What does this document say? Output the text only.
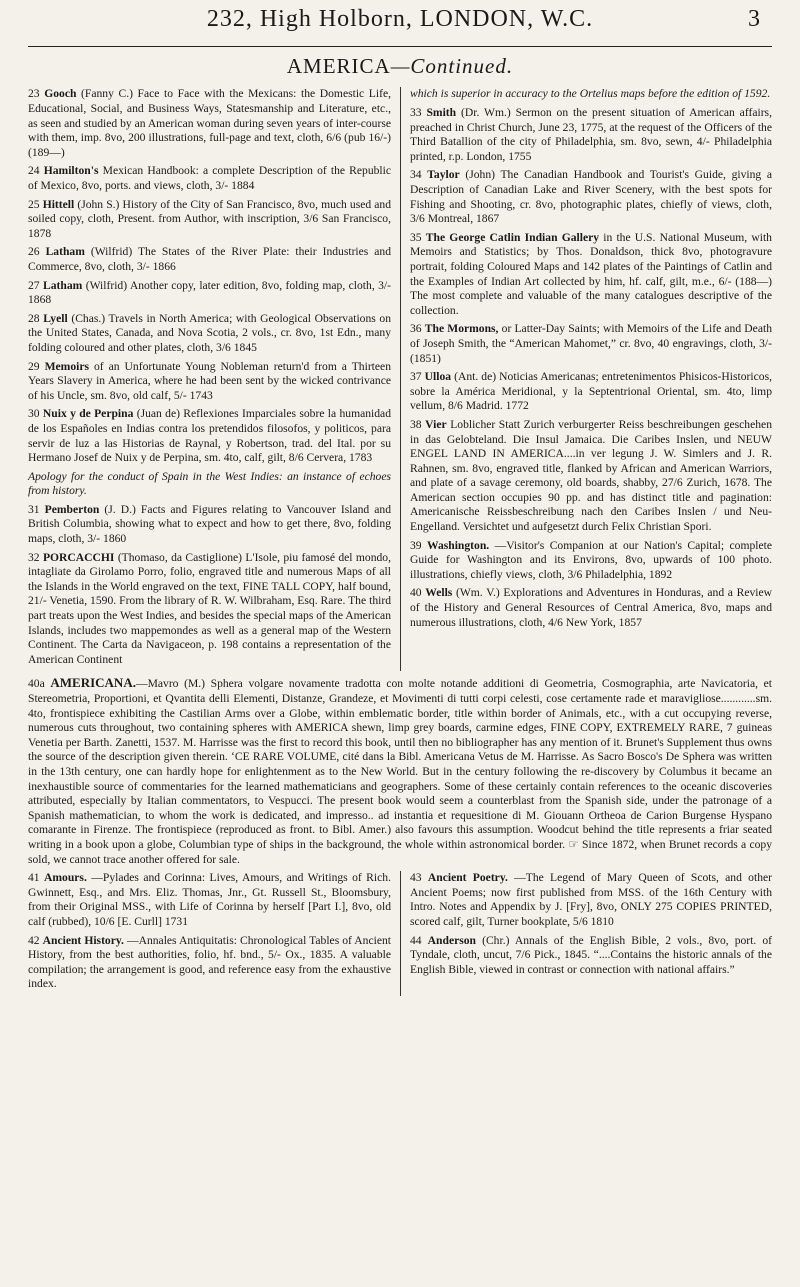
232, High Holborn, LONDON, W.C.	3
AMERICA—Continued.
23 Gooch (Fanny C.) Face to Face with the Mexicans: the Domestic Life, Educational, Social, and Business Ways, Statesmanship and Literature, etc., as seen and studied by an American woman during seven years of inter-course with them, imp. 8vo, 200 illustrations, full-page and text, cloth, 6/6 (pub 16/-) (189—)
24 Hamilton's Mexican Handbook: a complete Description of the Republic of Mexico, 8vo, ports. and views, cloth, 3/- 1884
25 Hittell (John S.) History of the City of San Francisco, 8vo, much used and soiled copy, cloth, Present. from Author, with inscription, 3/6 San Francisco, 1878
26 Latham (Wilfrid) The States of the River Plate: their Industries and Commerce, 8vo, cloth, 3/- 1866
27 Latham (Wilfrid) Another copy, later edition, 8vo, folding map, cloth, 3/- 1868
28 Lyell (Chas.) Travels in North America; with Geological Observations on the United States, Canada, and Nova Scotia, 2 vols., cr. 8vo, 1st Edn., many folding coloured and other plates, cloth, 3/6 1845
29 Memoirs of an Unfortunate Young Nobleman return'd from a Thirteen Years Slavery in America, where he had been sent by the wicked contrivance of his Uncle, sm. 8vo, old calf, 5/- 1743
30 Nuix y de Perpina (Juan de) Reflexiones Imparciales sobre la humanidad de los Españoles en Indias contra los pretendidos filosofos, y politicos, para servir de luz a las Historias de Raynal, y Robertson, trad. del Ital. por su Hermano Josef de Nuix y de Perpina, sm. 4to, calf, gilt, 8/6 Cervera, 1783
Apology for the conduct of Spain in the West Indies: an instance of echoes from history.
31 Pemberton (J. D.) Facts and Figures relating to Vancouver Island and British Columbia, showing what to expect and how to get there, 8vo, folding maps, cloth, 3/- 1860
32 PORCACCHI (Thomaso, da Castiglione) L'Isole, piu famosé del mondo, intagliate da Girolamo Porro, folio, engraved title and numerous Maps of all the Islands in the World engraved on the text, FINE TALL COPY, half bound, 21/- Venetia, 1590. From the library of R. W. Wilbraham, Esq. Rare. The third part treats upon the West Indies, and besides the special maps of the American Islands, includes two mappemondes as well as a general map of the Western Continent. The Carta da Navigaceon, p. 198 contains a representation of the American Continent
which is superior in accuracy to the Ortelius maps before the edition of 1592.
33 Smith (Dr. Wm.) Sermon on the present situation of American affairs, preached in Christ Church, June 23, 1775, at the request of the Officers of the Third Batallion of the city of Philadelphia, sm. 8vo, sewn, 4/- Philadelphia printed, r.p. London, 1755
34 Taylor (John) The Canadian Handbook and Tourist's Guide, giving a Description of Canadian Lake and River Scenery, with the best spots for Fishing and Shooting, cr. 8vo, photographic plates, chiefly of views, cloth, 3/6 Montreal, 1867
35 The George Catlin Indian Gallery in the U.S. National Museum, with Memoirs and Statistics; by Thos. Donaldson, thick 8vo, photogravure portrait, folding Coloured Maps and 142 plates of the Paintings of Catlin and the Examples of Indian Art collected by him, hf. calf, gilt, m.e., 6/- (188—) The most complete and valuable of the many catalogues descriptive of the collection.
36 The Mormons, or Latter-Day Saints; with Memoirs of the Life and Death of Joseph Smith, the “American Mahomet,” cr. 8vo, 40 engravings, cloth, 3/- (1851)
37 Ulloa (Ant. de) Noticias Americanas; entretenimentos Phisicos-Historicos, sobre la América Meridional, y la Septentrional Oriental, sm. 4to, limp vellum, 8/6 Madrid. 1772
38 Vier Loblicher Statt Zurich verburgerter Reiss beschreibungen geschehen in das Gelobteland. Die Insul Jamaica. Die Caribes Inslen, und NEUW ENGEL LAND IN AMERICA....in ver legung J. W. Simlers and J. R. Rahnen, sm. 8vo, engraved title, flanked by African and American Warriors, and plate of a savage ceremony, old boards, shabby, 27/6 Zurich, 1678. The American section occupies 90 pp. and has distinct title and pagination: Americanische Reissbeschreibung nach den Caribes Inslen / und Neu-Engelland. Versichtet und aufgesetzt durch Felix Christian Spori.
39 Washington. —Visitor's Companion at our Nation's Capital; complete Guide for Washington and its Environs, 8vo, upwards of 100 photo. illustrations, chiefly views, cloth, 3/6 Philadelphia, 1892
40 Wells (Wm. V.) Explorations and Adventures in Honduras, and a Review of the History and General Resources of Central America, 8vo, maps and numerous illustrations, cloth, 4/6 New York, 1857
40a AMERICANA.—Mavro (M.) Sphera volgare novamente tradotta con molte notande additioni di Geometria, Cosmographia, arte Navicatoria, et Stereometria, Proportioni, et Qvantita delli Elementi, Distanze, Grandeze, et Movimenti di tutti corpi celesti, cose certamente rade et maravigliose............sm. 4to, frontispiece exhibiting the Castilian Arms over a Globe, within emblematic border, title within border of Animals, etc., with a cut occupying reverse, numerous cuts throughout, two containing spheres with AMERICA shewn, limp grey boards, carmine edges, FINE COPY, EXTREMELY RARE, 7 guineas Venetia per Barth. Zanetti, 1537. M. Harrisse was the first to record this book, until then no bibliographer has any mention of it. Brunet's Supplement thus owns the source of the description given therein. ‘CE RARE VOLUME, cité dans la Bibl. Americana Vetus de M. Harrisse. As Sacro Bosco's De Sphera was written in the 13th century, one can hardly hope for enlightenment as to the New World. But in the century following the re-discovery by Columbus it became an inexhaustible source of commentaries for the learned mathematicians and geographers. Some of these certainly contain references to the oceanic discoveries attributed, especially by Italian commentators, to Vespucci. The present book would seem a counterblast from the Spanish side, under the patronage of a Spanish mathematician, to whom the work is dedicated, and impresso.. ad instantia et requesitione di M. Giouann Ortheoa de Carion Burgense Hyspano comarante in Firenze. The frontispiece (reproduced as front. to Bibl. Amer.) also favours this assumption. Woodcut behind the title represents a friar seated writing in a book upon a globe, Columbian type of ships in the background, the whole within astronomical border. ☞ Since 1872, when Brunet records a copy sold, we cannot trace another offered for sale.
41 Amours. —Pylades and Corinna: Lives, Amours, and Writings of Rich. Gwinnett, Esq., and Mrs. Eliz. Thomas, Jnr., Gt. Russell St., Bloomsbury, from their Original MSS., with Life of Corinna by herself [Part I.], 8vo, old calf (rubbed), 10/6 [E. Curll] 1731
42 Ancient History. —Annales Antiquitatis: Chronological Tables of Ancient History, from the best authorities, folio, hf. bnd., 5/- Ox., 1835. A valuable compilation; the arrangement is good, and reference easy from the exhaustive index.
43 Ancient Poetry. —The Legend of Mary Queen of Scots, and other Ancient Poems; now first published from MSS. of the 16th Century with Intro. Notes and Appendix by J. [Fry], 8vo, ONLY 275 COPIES PRINTED, scored calf, gilt, Turner bookplate, 5/6 1810
44 Anderson (Chr.) Annals of the English Bible, 2 vols., 8vo, port. of Tyndale, cloth, uncut, 7/6 Pick., 1845. “....Contains the historic annals of the English Bible, viewed in contrast or connection with national affairs.”
